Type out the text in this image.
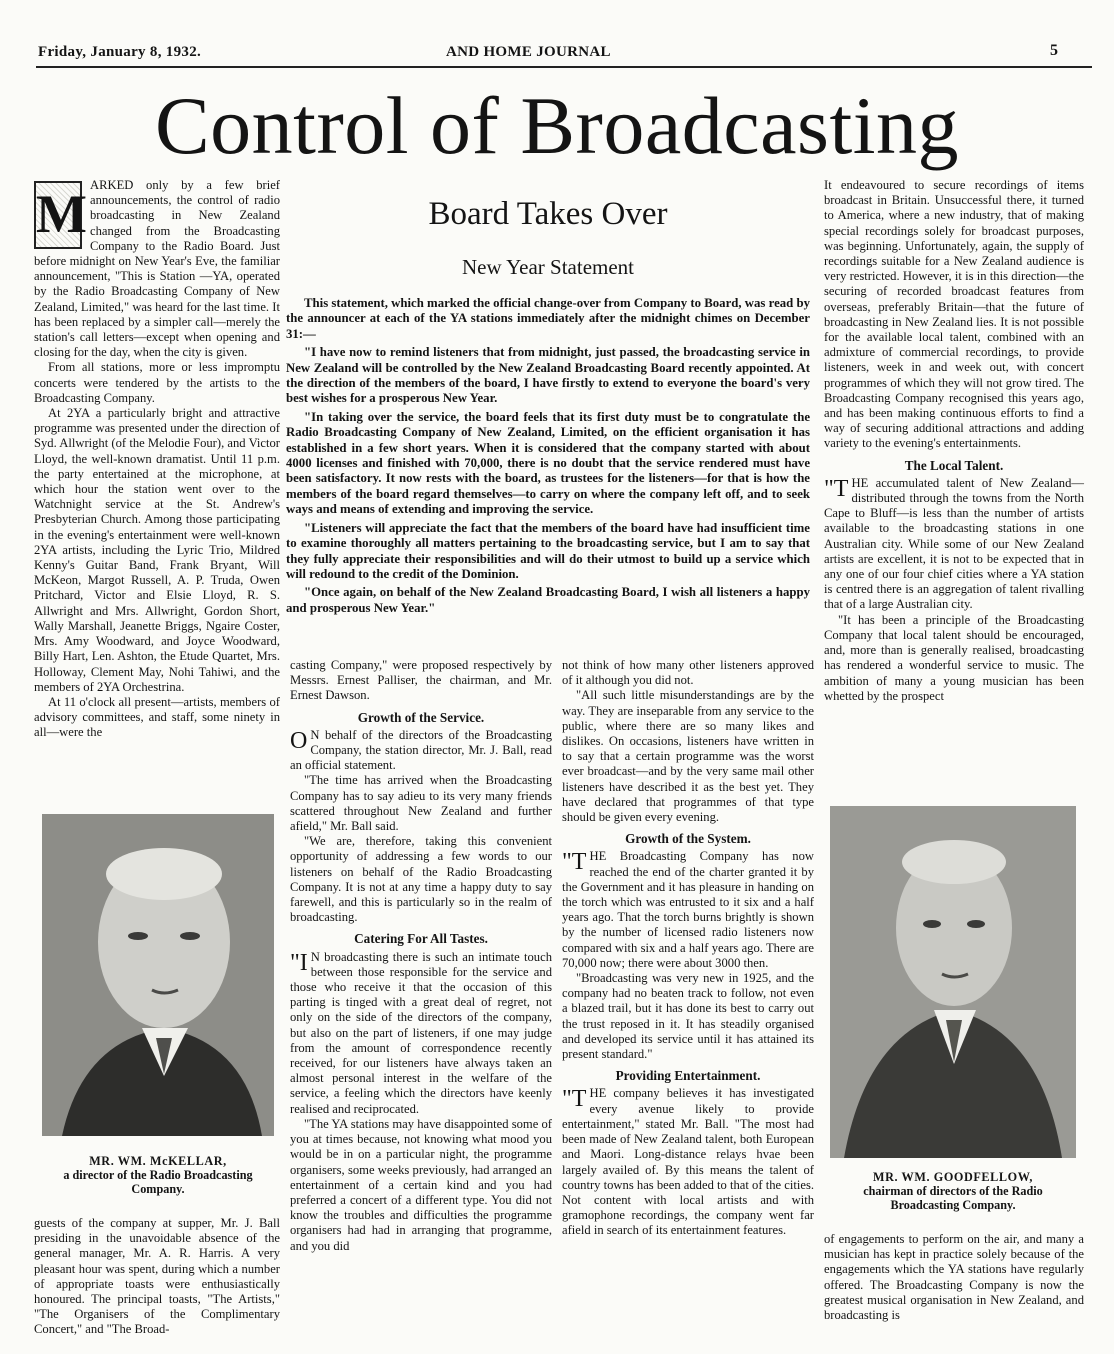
Friday, January 8, 1932.	AND HOME JOURNAL	5
Control of Broadcasting
M ARKED only by a few brief announcements, the control of radio broadcasting in New Zealand changed from the Broadcasting Company to the Radio Board. Just before midnight on New Year's Eve, the familiar announcement, "This is Station —YA, operated by the Radio Broadcasting Company of New Zealand, Limited," was heard for the last time. It has been replaced by a simpler call—merely the station's call letters—except when opening and closing for the day, when the city is given.

From all stations, more or less impromptu concerts were tendered by the artists to the Broadcasting Company.

At 2YA a particularly bright and attractive programme was presented under the direction of Syd. Allwright (of the Melodie Four), and Victor Lloyd, the well-known dramatist. Until 11 p.m. the party entertained at the microphone, at which hour the station went over to the Watchnight service at the St. Andrew's Presbyterian Church. Among those participating in the evening's entertainment were well-known 2YA artists, including the Lyric Trio, Mildred Kenny's Guitar Band, Frank Bryant, Will McKeon, Margot Russell, A. P. Truda, Owen Pritchard, Victor and Elsie Lloyd, R. S. Allwright and Mrs. Allwright, Gordon Short, Wally Marshall, Jeanette Briggs, Ngaire Coster, Mrs. Amy Woodward, and Joyce Woodward, Billy Hart, Len. Ashton, the Etude Quartet, Mrs. Holloway, Clement May, Nohi Tahiwi, and the members of 2YA Orchestrina.

At 11 o'clock all present—artists, members of advisory committees, and staff, some ninety in all—were the

MR. WM. McKELLAR,
a director of the Radio Broadcasting Company.

guests of the company at supper, Mr. J. Ball presiding in the unavoidable absence of the general manager, Mr. A. R. Harris. A very pleasant hour was spent, during which a number of appropriate toasts were enthusiastically honoured. The principal toasts, "The Artists," "The Organisers of the Complimentary Concert," and "The Broad-

Board Takes Over
New Year Statement

This statement, which marked the official change-over from Company to Board, was read by the announcer at each of the YA stations immediately after the midnight chimes on December 31:—

"I have now to remind listeners that from midnight, just passed, the broadcasting service in New Zealand will be controlled by the New Zealand Broadcasting Board recently appointed. At the direction of the members of the board, I have firstly to extend to everyone the board's very best wishes for a prosperous New Year.

"In taking over the service, the board feels that its first duty must be to congratulate the Radio Broadcasting Company of New Zealand, Limited, on the efficient organisation it has established in a few short years. When it is considered that the company started with about 4000 licenses and finished with 70,000, there is no doubt that the service rendered must have been satisfactory. It now rests with the board, as trustees for the listeners—for that is how the members of the board regard themselves—to carry on where the company left off, and to seek ways and means of extending and improving the service.

"Listeners will appreciate the fact that the members of the board have had insufficient time to examine thoroughly all matters pertaining to the broadcasting service, but I am to say that they fully appreciate their responsibilities and will do their utmost to build up a service which will redound to the credit of the Dominion.

"Once again, on behalf of the New Zealand Broadcasting Board, I wish all listeners a happy and prosperous New Year."

casting Company," were proposed respectively by Messrs. Ernest Palliser, the chairman, and Mr. Ernest Dawson.

Growth of the Service.

O N behalf of the directors of the Broadcasting Company, the station director, Mr. J. Ball, read an official statement.

"The time has arrived when the Broadcasting Company has to say adieu to its very many friends scattered throughout New Zealand and further afield," Mr. Ball said.

"We are, therefore, taking this convenient opportunity of addressing a few words to our listeners on behalf of the Radio Broadcasting Company. It is not at any time a happy duty to say farewell, and this is particularly so in the realm of broadcasting.

Catering For All Tastes.

"I N broadcasting there is such an intimate touch between those responsible for the service and those who receive it that the occasion of this parting is tinged with a great deal of regret, not only on the side of the directors of the company, but also on the part of listeners, if one may judge from the amount of correspondence recently received, for our listeners have always taken an almost personal interest in the welfare of the service, a feeling which the directors have keenly realised and reciprocated.

"The YA stations may have disappointed some of you at times because, not knowing what mood you would be in on a particular night, the programme organisers, some weeks previously, had arranged an entertainment of a certain kind and you had preferred a concert of a different type. You did not know the troubles and difficulties the programme organisers had had in arranging that programme, and you did

not think of how many other listeners approved of it although you did not.

"All such little misunderstandings are by the way. They are inseparable from any service to the public, where there are so many likes and dislikes. On occasions, listeners have written in to say that a certain programme was the worst ever broadcast—and by the very same mail other listeners have described it as the best yet. They have declared that programmes of that type should be given every evening.

Growth of the System.

"THE Broadcasting Company has now reached the end of the charter granted it by the Government and it has pleasure in handing on the torch which was entrusted to it six and a half years ago. That the torch burns brightly is shown by the number of licensed radio listeners now compared with six and a half years ago. There are 70,000 now; there were about 3000 then.

"Broadcasting was very new in 1925, and the company had no beaten track to follow, not even a blazed trail, but it has done its best to carry out the trust reposed in it. It has steadily organised and developed its service until it has attained its present standard."

Providing Entertainment.

"THE company believes it has investigated every avenue likely to provide entertainment," stated Mr. Ball. "The most had been made of New Zealand talent, both European and Maori. Long-distance relays hvae been largely availed of. By this means the talent of country towns has been added to that of the cities. Not content with local artists and with gramophone recordings, the company went far afield in search of its entertainment features.

It endeavoured to secure recordings of items broadcast in Britain. Unsuccessful there, it turned to America, where a new industry, that of making special recordings solely for broadcast purposes, was beginning. Unfortunately, again, the supply of recordings suitable for a New Zealand audience is very restricted. However, it is in this direction—the securing of recorded broadcast features from overseas, preferably Britain—that the future of broadcasting in New Zealand lies. It is not possible for the available local talent, combined with an admixture of commercial recordings, to provide listeners, week in and week out, with concert programmes of which they will not grow tired. The Broadcasting Company recognised this years ago, and has been making continuous efforts to find a way of securing additional attractions and adding variety to the evening's entertainments.

The Local Talent.

"THE accumulated talent of New Zealand—distributed through the towns from the North Cape to Bluff—is less than the number of artists available to the broadcasting stations in one Australian city. While some of our New Zealand artists are excellent, it is not to be expected that in any one of our four chief cities where a YA station is centred there is an aggregation of talent rivalling that of a large Australian city.

"It has been a principle of the Broadcasting Company that local talent should be encouraged, and, more than is generally realised, broadcasting has rendered a wonderful service to music. The ambition of many a young musician has been whetted by the prospect

MR. WM. GOODFELLOW,
chairman of directors of the Radio Broadcasting Company.

of engagements to perform on the air, and many a musician has kept in practice solely because of the engagements which the YA stations have regularly offered. The Broadcasting Company is now the greatest musical organisation in New Zealand, and broadcasting is
